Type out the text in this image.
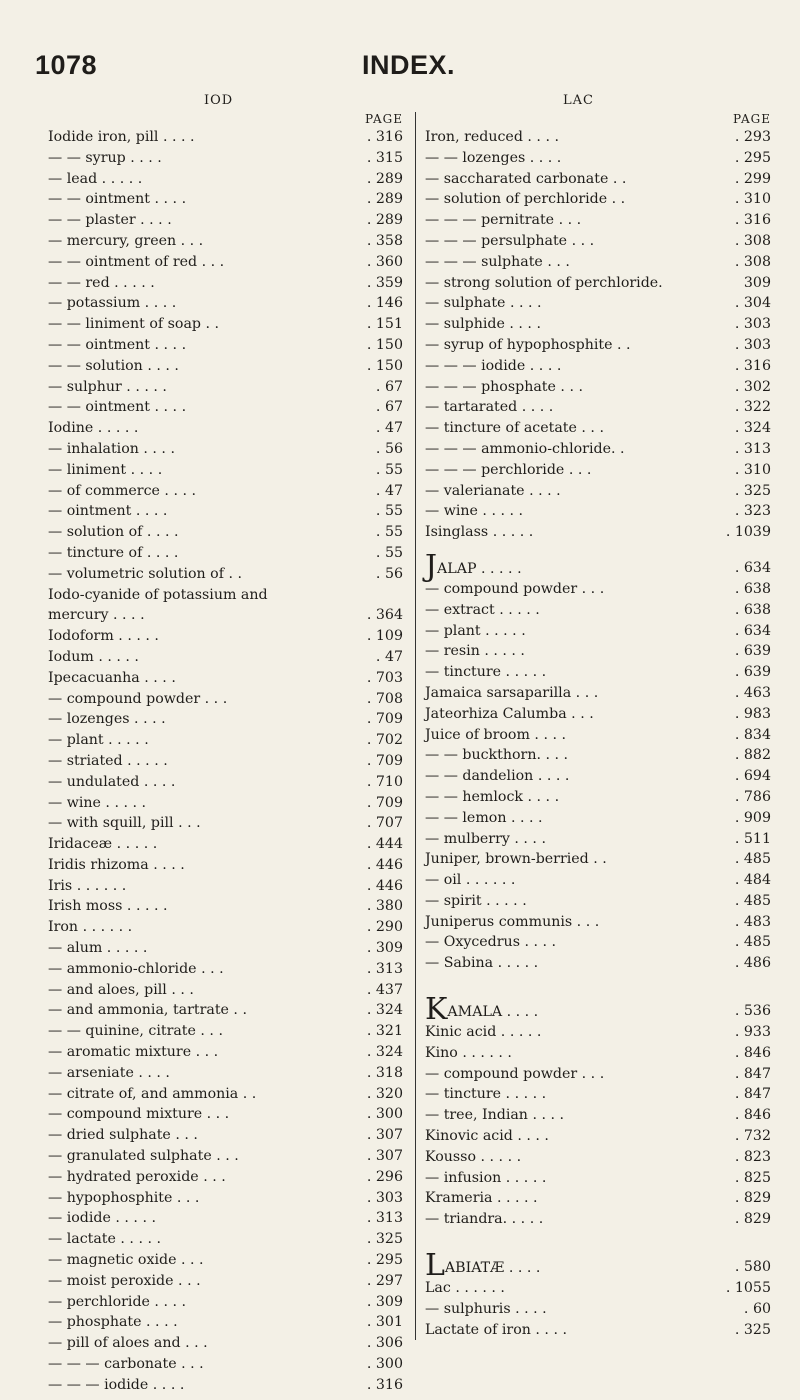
1078	INDEX.
IOD	LAC
PAGE
Iodide iron, pill . . . .	. 316
— — syrup . . . .	. 315
— lead . . . . .	. 289
— — ointment . . . .	. 289
— — plaster . . . .	. 289
— mercury, green . . .	. 358
— — ointment of red . . .	. 360
— — red . . . . .	. 359
— potassium . . . .	. 146
— — liniment of soap . .	. 151
— — ointment . . . .	. 150
— — solution . . . .	. 150
— sulphur . . . . .	. 67
— — ointment . . . .	. 67
Iodine . . . . .	. 47
— inhalation . . . .	. 56
— liniment . . . .	. 55
— of commerce . . . .	. 47
— ointment . . . .	. 55
— solution of . . . .	. 55
— tincture of . . . .	. 55
— volumetric solution of . .	. 56
Iodo-cyanide of potassium and
mercury . . . .	. 364
Iodoform . . . . .	. 109
Iodum . . . . .	. 47
Ipecacuanha . . . .	. 703
— compound powder . . .	. 708
— lozenges . . . .	. 709
— plant . . . . .	. 702
— striated . . . . .	. 709
— undulated . . . .	. 710
— wine . . . . .	. 709
— with squill, pill . . .	. 707
Iridaceæ . . . . .	. 444
Iridis rhizoma . . . .	. 446
Iris . . . . . .	. 446
Irish moss . . . . .	. 380
Iron . . . . . .	. 290
— alum . . . . .	. 309
— ammonio-chloride . . .	. 313
— and aloes, pill . . .	. 437
— and ammonia, tartrate . .	. 324
— — quinine, citrate . . .	. 321
— aromatic mixture . . .	. 324
— arseniate . . . .	. 318
— citrate of, and ammonia . .	. 320
— compound mixture . . .	. 300
— dried sulphate . . .	. 307
— granulated sulphate . . .	. 307
— hydrated peroxide . . .	. 296
— hypophosphite . . .	. 303
— iodide . . . . .	. 313
— lactate . . . . .	. 325
— magnetic oxide . . .	. 295
— moist peroxide . . .	. 297
— perchloride . . . .	. 309
— phosphate . . . .	. 301
— pill of aloes and . . .	. 306
— — — carbonate . . .	. 300
— — — iodide . . . .	. 316
PAGE
Iron, reduced . . . .	. 293
— — lozenges . . . .	. 295
— saccharated carbonate . .	. 299
— solution of perchloride . .	. 310
— — — pernitrate . . .	. 316
— — — persulphate . . .	. 308
— — — sulphate . . .	. 308
— strong solution of perchloride.	309
— sulphate . . . .	. 304
— sulphide . . . .	. 303
— syrup of hypophosphite . .	. 303
— — — iodide . . . .	. 316
— — — phosphate . . .	. 302
— tartarated . . . .	. 322
— tincture of acetate . . .	. 324
— — — ammonio-chloride. .	. 313
— — — perchloride . . .	. 310
— valerianate . . . .	. 325
— wine . . . . .	. 323
Isinglass . . . . .	. 1039
JALAP . . . . .	. 634
— compound powder . . .	. 638
— extract . . . . .	. 638
— plant . . . . .	. 634
— resin . . . . .	. 639
— tincture . . . . .	. 639
Jamaica sarsaparilla . . .	. 463
Jateorhiza Calumba . . .	. 983
Juice of broom . . . .	. 834
— — buckthorn. . . .	. 882
— — dandelion . . . .	. 694
— — hemlock . . . .	. 786
— — lemon . . . .	. 909
— mulberry . . . .	. 511
Juniper, brown-berried . .	. 485
— oil . . . . . .	. 484
— spirit . . . . .	. 485
Juniperus communis . . .	. 483
— Oxycedrus . . . .	. 485
— Sabina . . . . .	. 486
KAMALA . . . .	. 536
Kinic acid . . . . .	. 933
Kino . . . . . .	. 846
— compound powder . . .	. 847
— tincture . . . . .	. 847
— tree, Indian . . . .	. 846
Kinovic acid . . . .	. 732
Kousso . . . . .	. 823
— infusion . . . . .	. 825
Krameria . . . . .	. 829
— triandra. . . . .	. 829
LABIATÆ . . . .	. 580
Lac . . . . . .	. 1055
— sulphuris . . . .	. 60
Lactate of iron . . . .	. 325
